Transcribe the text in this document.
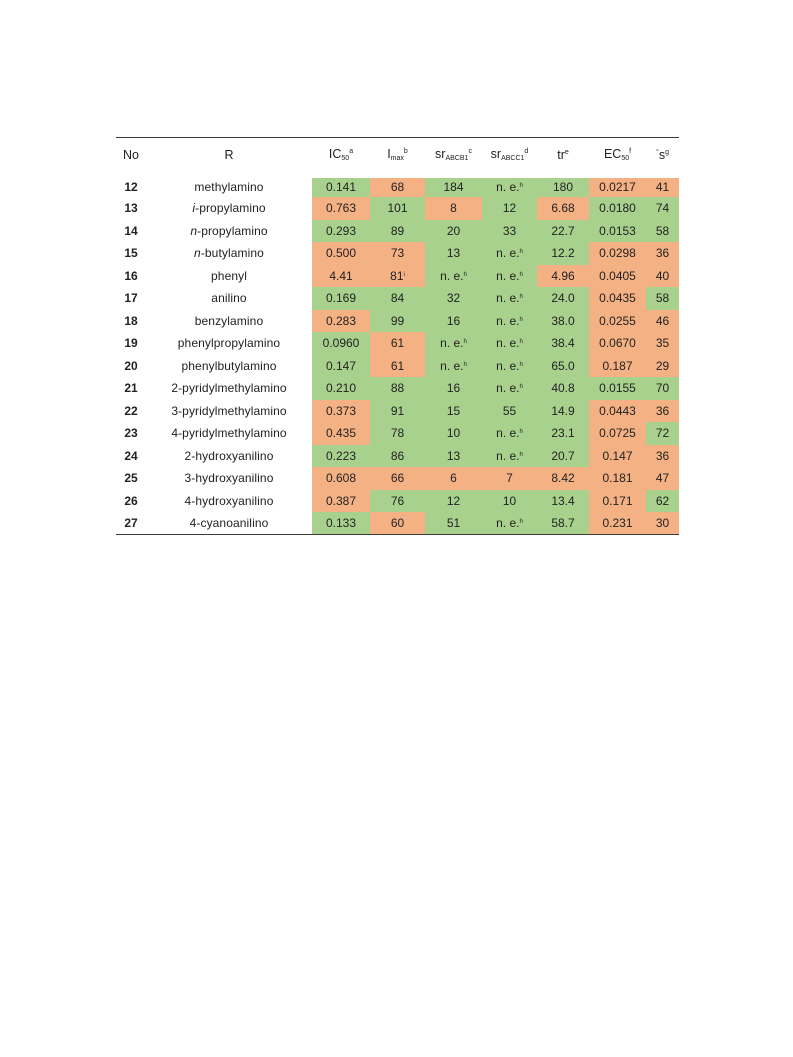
No	R	$IC_{50}^a$	$I_{max}^b$	$sr_{ABCB1}^c$	$sr_{ABCC1}^d$	$tr^e$	$EC_{50}^f$	$^\circ s^g$
12	methylamino	0.141	68	184	n. e.$^h$	180	0.0217	41
13	i-propylamino	0.763	101	8	12	6.68	0.0180	74
14	n-propylamino	0.293	89	20	33	22.7	0.0153	58
15	n-butylamino	0.500	73	13	n. e.$^h$	12.2	0.0298	36
16	phenyl	4.41	81$^i$	n. e.$^h$	n. e.$^h$	4.96	0.0405	40
17	anilino	0.169	84	32	n. e.$^h$	24.0	0.0435	58
18	benzylamino	0.283	99	16	n. e.$^h$	38.0	0.0255	46
19	phenylpropylamino	0.0960	61	n. e.$^h$	n. e.$^h$	38.4	0.0670	35
20	phenylbutylamino	0.147	61	n. e.$^h$	n. e.$^h$	65.0	0.187	29
21	2-pyridylmethylamino	0.210	88	16	n. e.$^h$	40.8	0.0155	70
22	3-pyridylmethylamino	0.373	91	15	55	14.9	0.0443	36
23	4-pyridylmethylamino	0.435	78	10	n. e.$^h$	23.1	0.0725	72
24	2-hydroxyanilino	0.223	86	13	n. e.$^h$	20.7	0.147	36
25	3-hydroxyanilino	0.608	66	6	7	8.42	0.181	47
26	4-hydroxyanilino	0.387	76	12	10	13.4	0.171	62
27	4-cyanoanilino	0.133	60	51	n. e.$^h$	58.7	0.231	30
